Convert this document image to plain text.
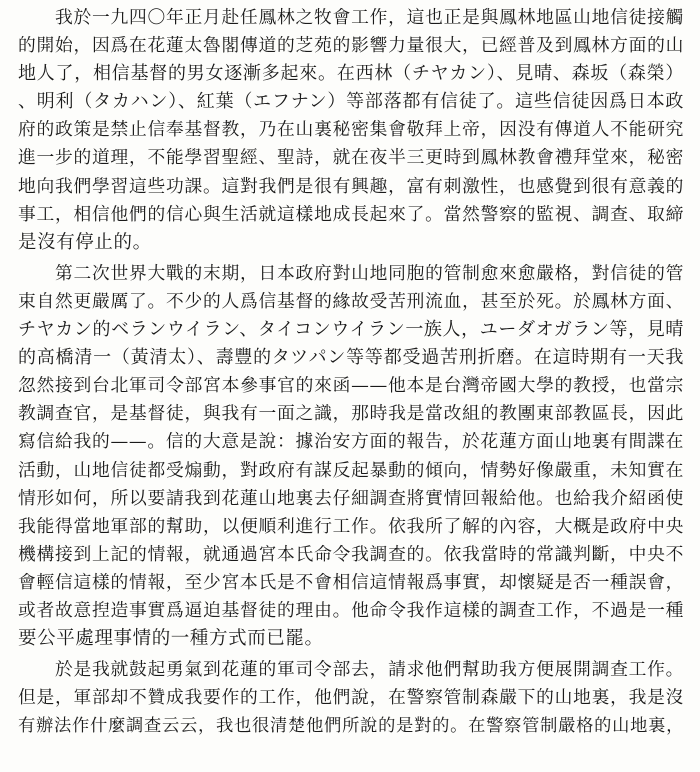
我於一九四〇年正月赴任鳳林之牧會工作，這也正是與鳳林地區山地信徒接觸
的開始，因爲在花蓮太魯閣傳道的芝苑的影響力量很大，已經普及到鳳林方面的山
地人了，相信基督的男女逐漸多起來。在西林（チヤカン）、見晴、森坂（森榮）
、明利（タカハン）、紅葉（エフナン）等部落都有信徒了。這些信徒因爲日本政
府的政策是禁止信奉基督教，乃在山裏秘密集會敬拜上帝，因没有傳道人不能研究
進一步的道理，不能學習聖經、聖詩，就在夜半三更時到鳳林教會禮拜堂來，秘密
地向我們學習這些功課。這對我們是很有興趣，富有刺激性，也感覺到很有意義的
事工，相信他們的信心與生活就這樣地成長起來了。當然警察的監視、調查、取締
是沒有停止的。
第二次世界大戰的末期，日本政府對山地同胞的管制愈來愈嚴格，對信徒的管
束自然更嚴厲了。不少的人爲信基督的緣故受苦刑流血，甚至於死。於鳳林方面、
チヤカン的ベランウイラン、タイコンウイラン一族人，ユーダオガラン等，見晴
的高橋清一（黃清太）、壽豐的タツパン等等都受過苦刑折磨。在這時期有一天我
忽然接到台北軍司令部宮本參事官的來函——他本是台灣帝國大學的教授，也當宗
教調查官，是基督徒，與我有一面之識，那時我是當改組的教團東部教區長，因此
寫信給我的——。信的大意是說：據治安方面的報告，於花蓮方面山地裏有間諜在
活動，山地信徒都受煽動，對政府有謀反起暴動的傾向，情勢好像嚴重，未知實在
情形如何，所以要請我到花蓮山地裏去仔細調查將實情回報給他。也給我介紹函使
我能得當地軍部的幫助，以便順利進行工作。依我所了解的內容，大概是政府中央
機構接到上記的情報，就通過宮本氏命令我調查的。依我當時的常識判斷，中央不
會輕信這樣的情報，至少宮本氏是不會相信這情報爲事實，却懷疑是否一種誤會，
或者故意揑造事實爲逼迫基督徒的理由。他命令我作這樣的調查工作，不過是一種
要公平處理事情的一種方式而已罷。
於是我就鼓起勇氣到花蓮的軍司令部去，請求他們幫助我方便展開調查工作。
但是，軍部却不贊成我要作的工作，他們說，在警察管制森嚴下的山地裏，我是沒
有辦法作什麼調查云云，我也很清楚他們所說的是對的。在警察管制嚴格的山地裏，
